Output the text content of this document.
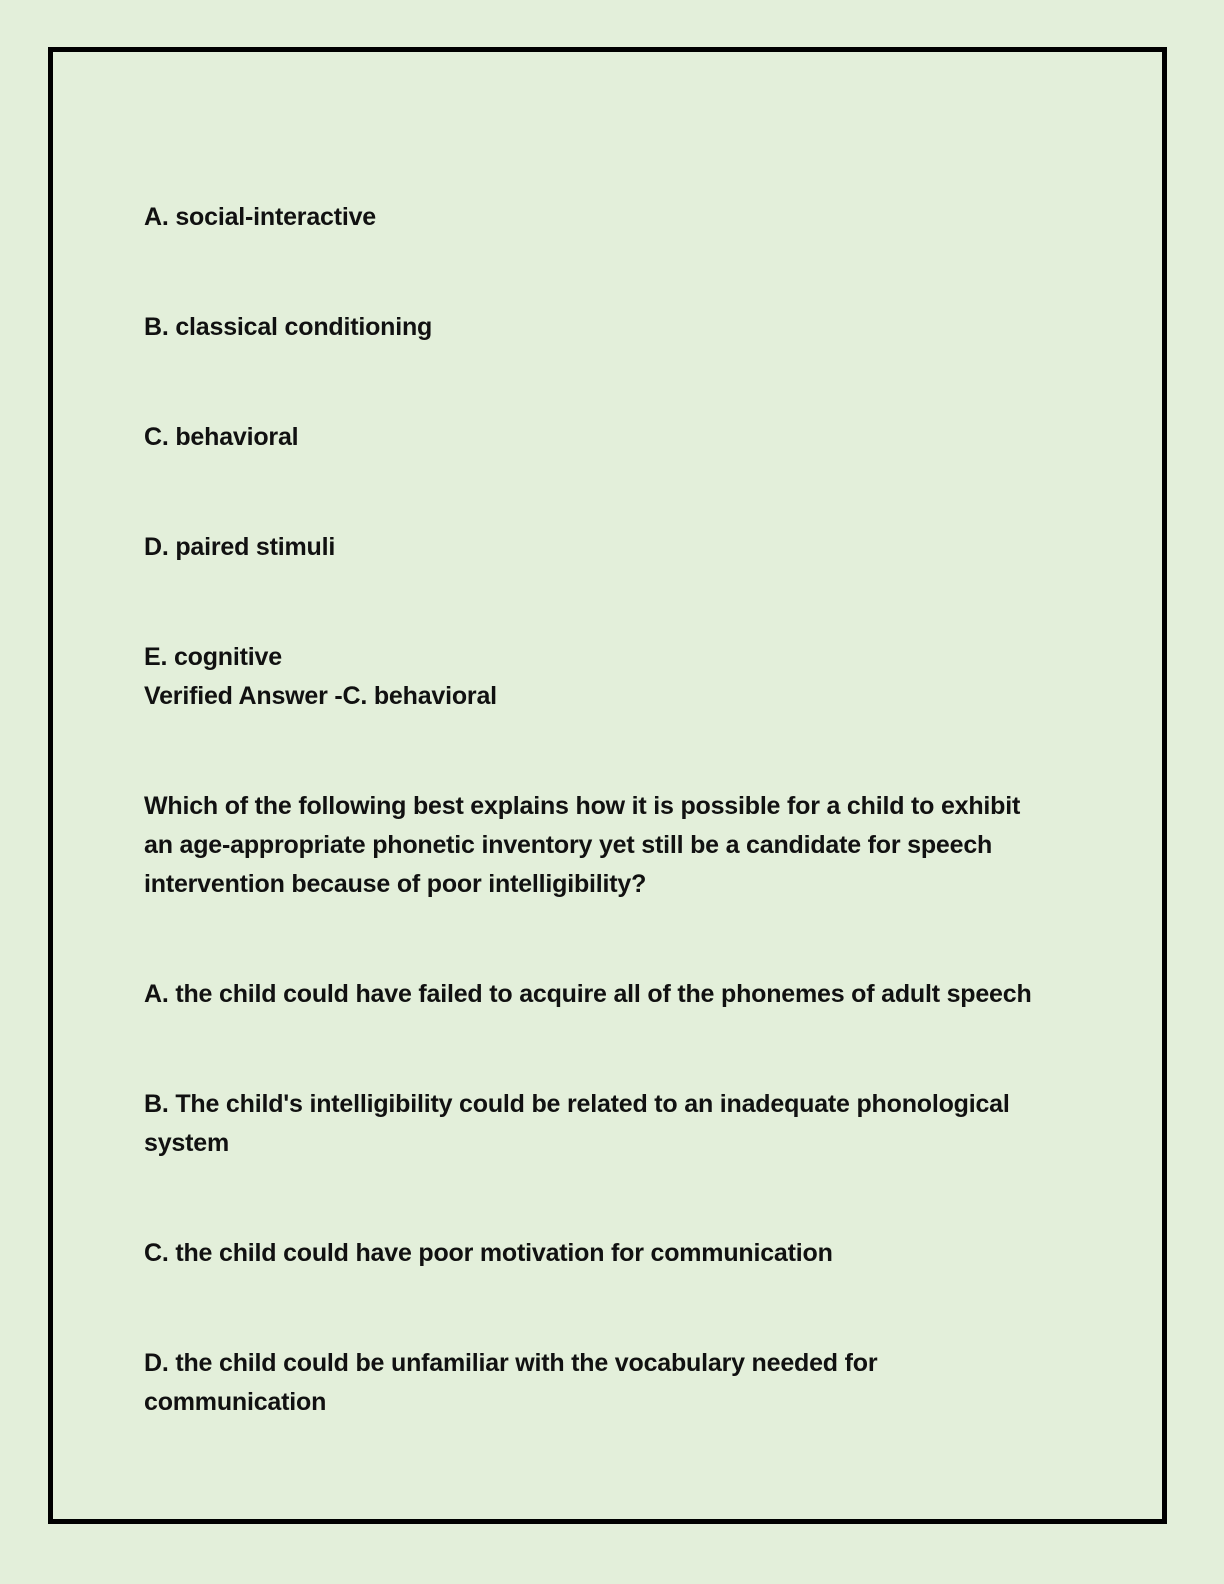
A. social-interactive

B. classical conditioning

C. behavioral

D. paired stimuli

E. cognitive

Verified Answer -C. behavioral

Which of the following best explains how it is possible for a child to exhibit

an age-appropriate phonetic inventory yet still be a candidate for speech

intervention because of poor intelligibility?

A. the child could have failed to acquire all of the phonemes of adult speech

B. The child's intelligibility could be related to an inadequate phonological

system

C. the child could have poor motivation for communication

D. the child could be unfamiliar with the vocabulary needed for

communication
